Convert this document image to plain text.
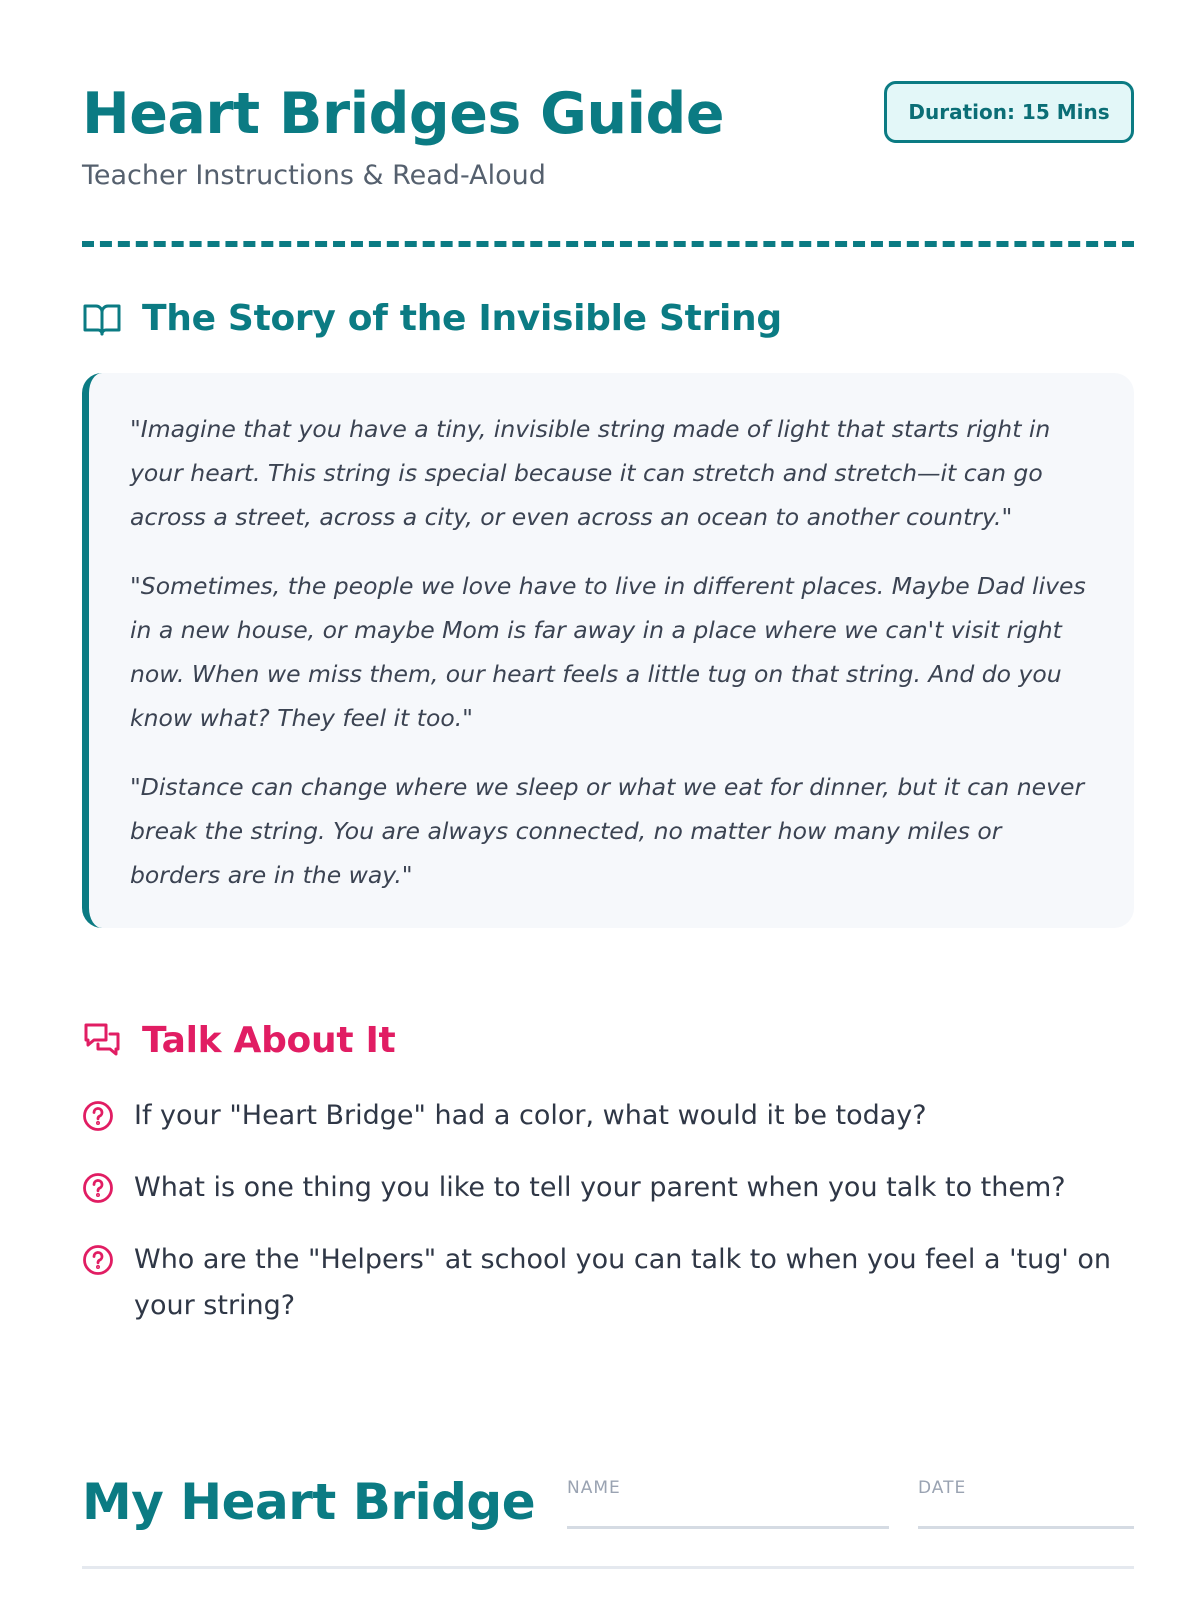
Heart Bridges Guide
Teacher Instructions & Read-Aloud
Duration: 15 Mins
The Story of the Invisible String

"Imagine that you have a tiny, invisible string made of light that starts right in your heart. This string is special because it can stretch and stretch—it can go across a street, across a city, or even across an ocean to another country."

"Sometimes, the people we love have to live in different places. Maybe Dad lives in a new house, or maybe Mom is far away in a place where we can't visit right now. When we miss them, our heart feels a little tug on that string. And do you know what? They feel it too."

"Distance can change where we sleep or what we eat for dinner, but it can never break the string. You are always connected, no matter how many miles or borders are in the way."

Talk About It
If your "Heart Bridge" had a color, what would it be today?
What is one thing you like to tell your parent when you talk to them?
Who are the "Helpers" at school you can talk to when you feel a 'tug' on your string?
My Heart Bridge NAME	DATE
